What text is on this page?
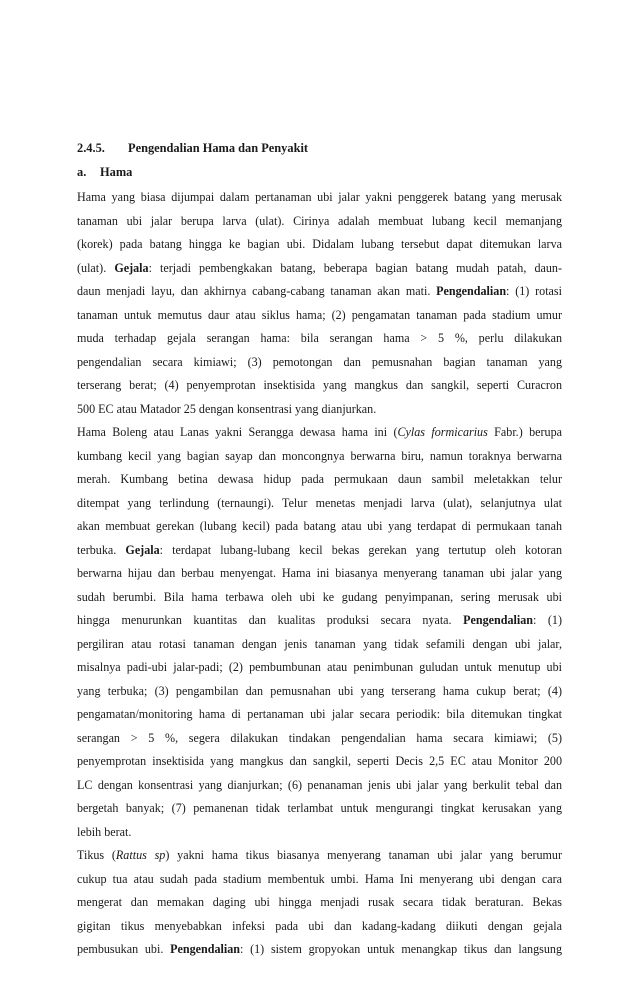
2.4.5. Pengendalian Hama dan Penyakit
a. Hama
Hama yang biasa dijumpai dalam pertanaman ubi jalar yakni penggerek batang yang merusak
tanaman ubi jalar berupa larva (ulat). Cirinya adalah membuat lubang kecil memanjang
(korek) pada batang hingga ke bagian ubi. Didalam lubang tersebut dapat ditemukan larva
(ulat). Gejala: terjadi pembengkakan batang, beberapa bagian batang mudah patah, daun-
daun menjadi layu, dan akhirnya cabang-cabang tanaman akan mati. Pengendalian: (1) rotasi
tanaman untuk memutus daur atau siklus hama; (2) pengamatan tanaman pada stadium umur
muda terhadap gejala serangan hama: bila serangan hama > 5 %, perlu dilakukan
pengendalian secara kimiawi; (3) pemotongan dan pemusnahan bagian tanaman yang
terserang berat; (4) penyemprotan insektisida yang mangkus dan sangkil, seperti Curacron
500 EC atau Matador 25 dengan konsentrasi yang dianjurkan.
Hama Boleng atau Lanas yakni Serangga dewasa hama ini (Cylas formicarius Fabr.) berupa
kumbang kecil yang bagian sayap dan moncongnya berwarna biru, namun toraknya berwarna
merah. Kumbang betina dewasa hidup pada permukaan daun sambil meletakkan telur
ditempat yang terlindung (ternaungi). Telur menetas menjadi larva (ulat), selanjutnya ulat
akan membuat gerekan (lubang kecil) pada batang atau ubi yang terdapat di permukaan tanah
terbuka. Gejala: terdapat lubang-lubang kecil bekas gerekan yang tertutup oleh kotoran
berwarna hijau dan berbau menyengat. Hama ini biasanya menyerang tanaman ubi jalar yang
sudah berumbi. Bila hama terbawa oleh ubi ke gudang penyimpanan, sering merusak ubi
hingga menurunkan kuantitas dan kualitas produksi secara nyata. Pengendalian: (1)
pergiliran atau rotasi tanaman dengan jenis tanaman yang tidak sefamili dengan ubi jalar,
misalnya padi-ubi jalar-padi; (2) pembumbunan atau penimbunan guludan untuk menutup ubi
yang terbuka; (3) pengambilan dan pemusnahan ubi yang terserang hama cukup berat; (4)
pengamatan/monitoring hama di pertanaman ubi jalar secara periodik: bila ditemukan tingkat
serangan > 5 %, segera dilakukan tindakan pengendalian hama secara kimiawi; (5)
penyemprotan insektisida yang mangkus dan sangkil, seperti Decis 2,5 EC atau Monitor 200
LC dengan konsentrasi yang dianjurkan; (6) penanaman jenis ubi jalar yang berkulit tebal dan
bergetah banyak; (7) pemanenan tidak terlambat untuk mengurangi tingkat kerusakan yang
lebih berat.
Tikus (Rattus sp) yakni hama tikus biasanya menyerang tanaman ubi jalar yang berumur
cukup tua atau sudah pada stadium membentuk umbi. Hama Ini menyerang ubi dengan cara
mengerat dan memakan daging ubi hingga menjadi rusak secara tidak beraturan. Bekas
gigitan tikus menyebabkan infeksi pada ubi dan kadang-kadang diikuti dengan gejala
pembusukan ubi. Pengendalian: (1) sistem gropyokan untuk menangkap tikus dan langsung
